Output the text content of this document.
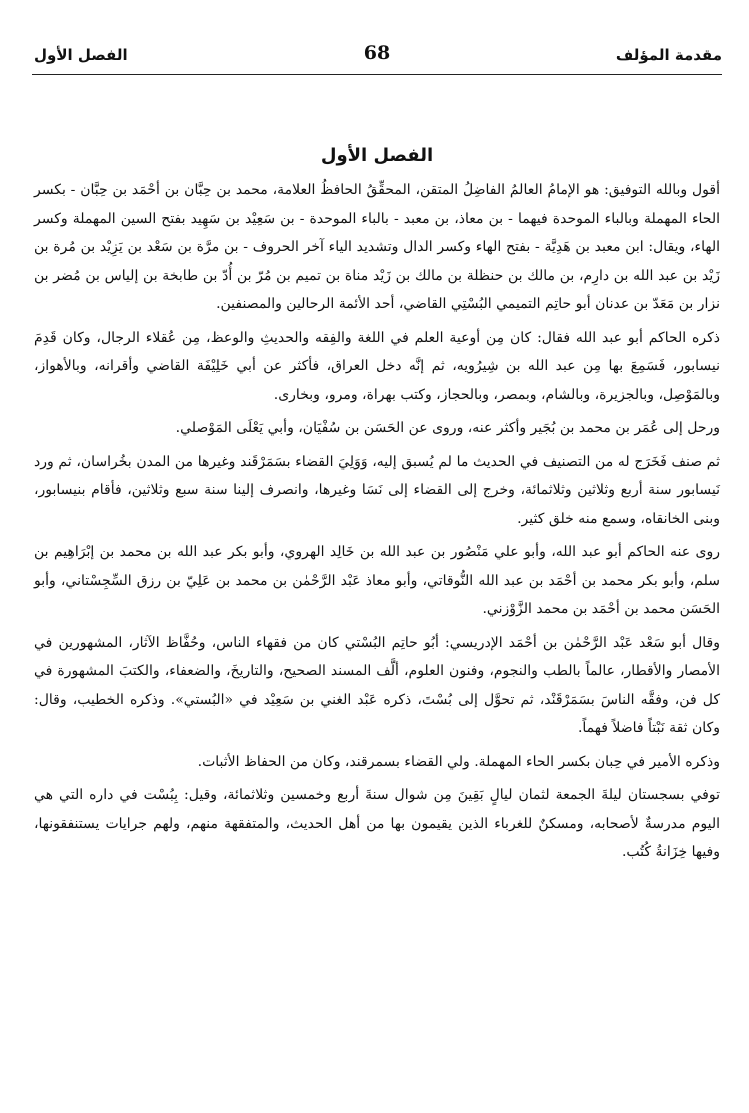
مقدمة المؤلف
68
الفصل الأول
الفصل الأول

أقول وبالله التوفيق: هو الإمامُ العالمُ الفاضِلُ المتقن، المحقِّقُ الحافظُ العلامة، محمد بن حِبَّان بن أحْمَد بن حِبَّان - بكسر الحاء المهملة وبالباء الموحدة فيهما - بن معاذ، بن معبد - بالباء الموحدة - بن سَعِيْد بن سَهِيد بفتح السين المهملة وكسر الهاء، ويقال: ابن معبد بن هَدِيَّة - بفتح الهاء وكسر الدال وتشديد الياء آخر الحروف - بن مرَّة بن سَعْد بن يَزِيْد بن مُرة بن زَيْد بن عبد الله بن دارِم، بن مالك بن حنظلة بن مالك بن زَيْد مناة بن تميم بن مُرّ بن أُدّ بن طابخة بن إلياس بن مُضر بن نزار بن مَعَدّ بن عدنان أبو حاتِم التميمي البُسْتِي القاضي، أحد الأئمة الرحالين والمصنفين.

ذكره الحاكم أبو عبد الله فقال: كان مِن أوعية العلم في اللغة والفِقه والحديثِ والوعظ، مِن عُقلاء الرجال، وكان قَدِمَ نيسابور، فَسَمِعَ بها مِن عبد الله بن شِيرُويه، ثم إنَّه دخل العراق، فأكثر عن أبي خَلِيْفَة القاضي وأقرانه، وبالأهواز، وبالمَوْصِل، وبالجزيرة، وبالشام، وبمصر، وبالحجاز، وكتب بهراة، ومرو، وبخارى.

ورحل إلى عُمَر بن محمد بن بُجَير وأكثر عنه، وروى عن الحَسَن بن سُفْيَان، وأبي يَعْلَى المَوْصلي.

ثم صنف فَخَرَج له من التصنيف في الحديث ما لم يُسبق إليه، وَوَلِيَ القضاء بسَمَرْقَند وغيرها من المدن بخُراسان، ثم ورد نَيسابور سنة أربع وثلاثين وثلاثمائة، وخرج إلى القضاء إلى نَسَا وغيرها، وانصرف إلينا سنة سبع وثلاثين، فأقام بنيسابور، وبنى الخانقاه، وسمع منه خلق كثير.

روى عنه الحاكم أبو عبد الله، وأبو علي مَنْصُور بن عبد الله بن خَالِد الهروي، وأبو بكر عبد الله بن محمد بن إبْرَاهِيم بن سلم، وأبو بكر محمد بن أحْمَد بن عبد الله النُّوقاتي، وأبو معاذ عَبْد الرَّحْمٰن بن محمد بن عَلِيّ بن رزق السِّجِسْتاني، وأبو الحَسَن محمد بن أحْمَد بن محمد الزَّوْزني.

وقال أبو سَعْد عَبْد الرَّحْمٰن بن أحْمَد الإدريسي: أبُو حاتِم البُسْتي كان من فقهاء الناس، وحُفَّاظ الآثار، المشهورين في الأمصار والأقطار، عالماً بالطب والنجوم، وفنون العلوم، ألَّف المسند الصحيح، والتاريخَ، والضعفاء، والكتبَ المشهورة في كل فن، وفقَّه الناسَ بسَمَرْقَنْد، ثم تحوَّل إلى بُسْتَ، ذكره عَبْد الغني بن سَعِيْد في «البُستي». وذكره الخطيب، وقال: وكان ثقة نَبْتاً فاضلاً فهماً.

وذكره الأمير في حِبان بكسر الحاء المهملة. ولي القضاء بسمرقند، وكان من الحفاظ الأثبات.

توفي بسجستان ليلةَ الجمعة لثمان ليالٍ بَقِينَ مِن شوال سنةَ أربع وخمسين وثلاثمائة، وقيل: بِبُسْت في داره التي هي اليوم مدرسةٌ لأصحابه، ومسكنٌ للغرباء الذين يقيمون بها من أهل الحديث، والمتفقهة منهم، ولهم جرايات يستنفقونها، وفيها خِزَانةُ كُتُب.
